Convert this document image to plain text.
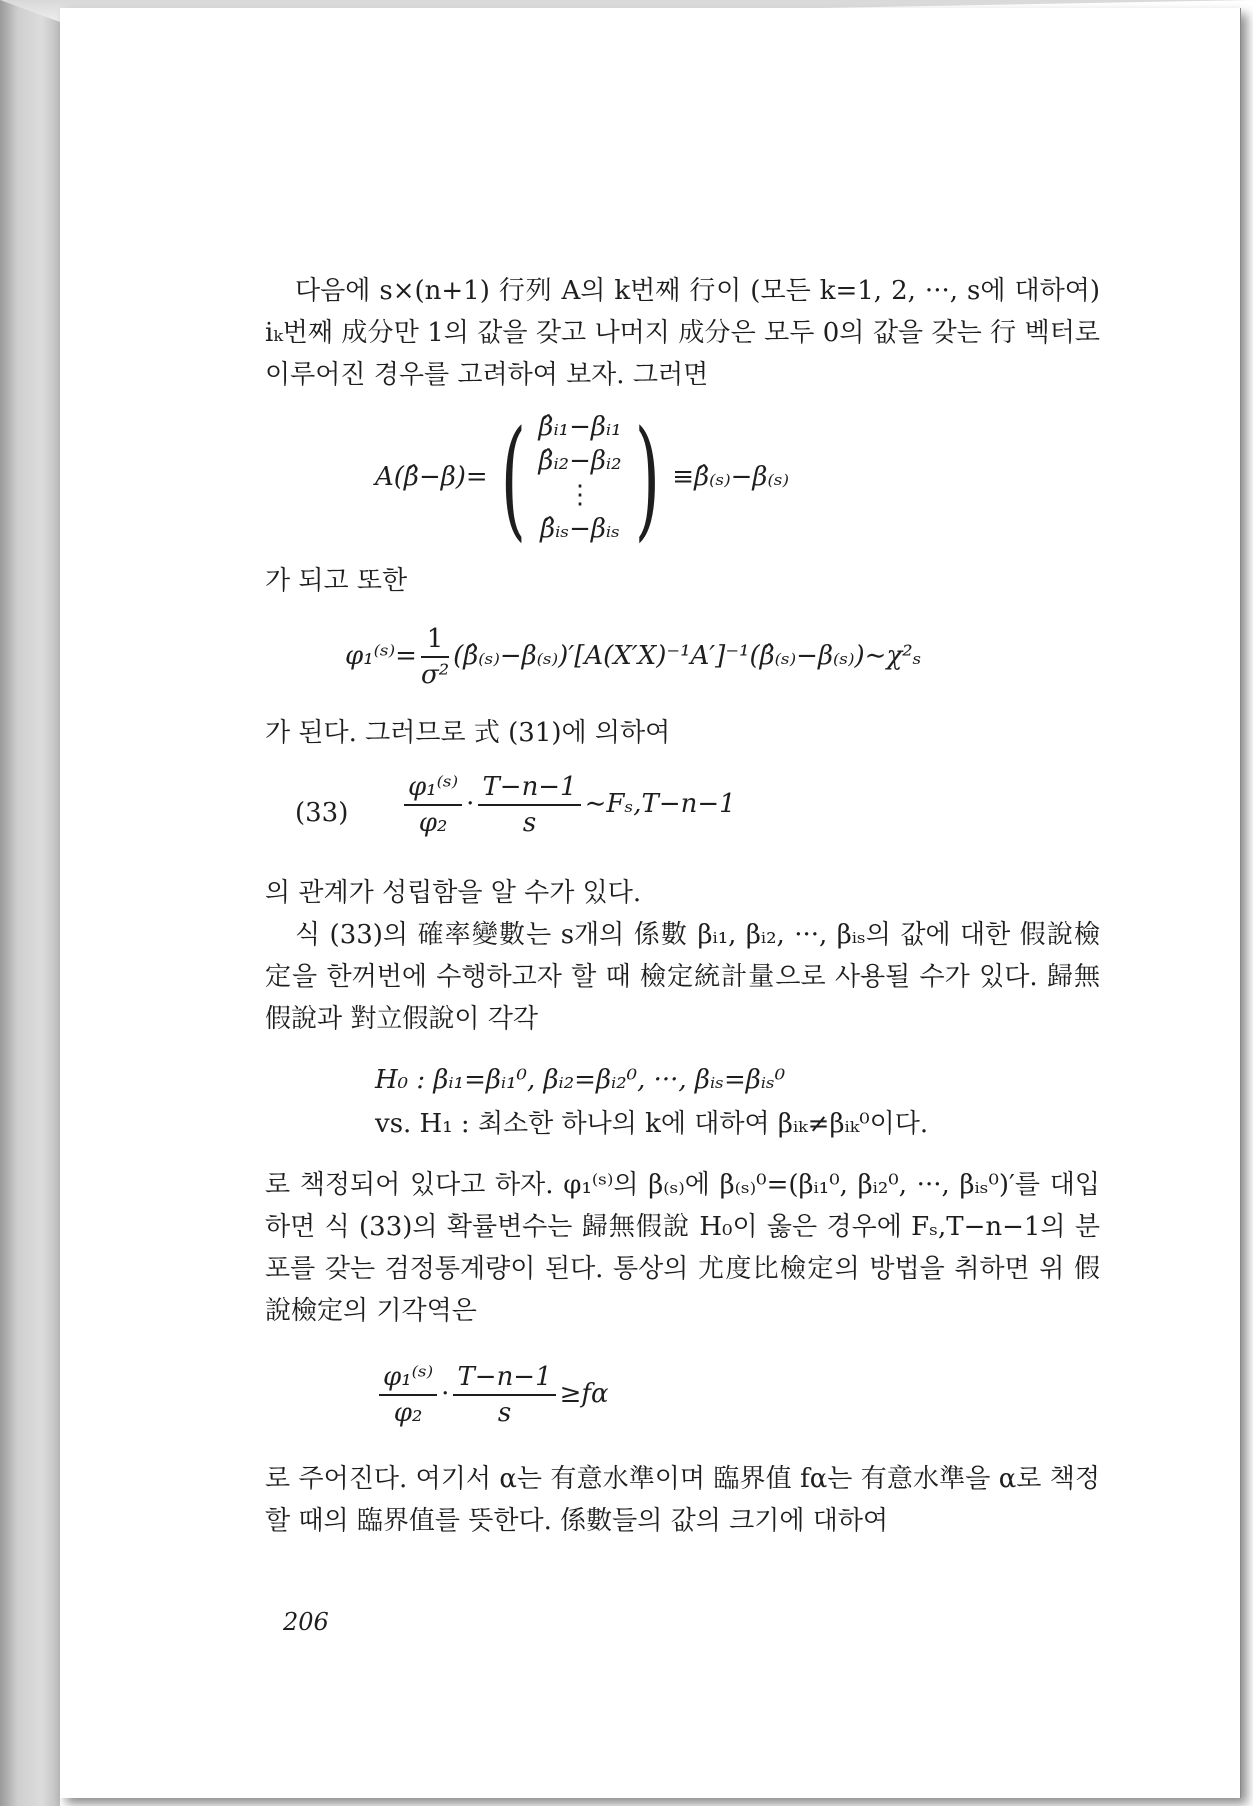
다음에 s×(n+1) 行列 A의 k번째 行이 (모든 k=1, 2, ···, s에 대하여) iₖ번째 成分만 1의 값을 갖고 나머지 成分은 모두 0의 값을 갖는 行 벡터로 이루어진 경우를 고려하여 보자. 그러면

A(β̂−β)= ( β̂ᵢ₁−βᵢ₁
β̂ᵢ₂−βᵢ₂
⋮
β̂ᵢₛ−βᵢₛ ) ≡β̂₍ₛ₎−β₍ₛ₎

가 되고 또한

φ₁⁽ˢ⁾= $\frac{1}{\text{σ²}}$ (β̂₍ₛ₎−β₍ₛ₎)′[A(X′X)⁻¹A′]⁻¹(β̂₍ₛ₎−β₍ₛ₎)∼χ²ₛ

가 된다. 그러므로 式 (31)에 의하여

$(33) \frac{\text{φ₁⁽ˢ⁾}}{\text{φ₂}} \cdot \frac{T-n-1}{s}$ ∼Fₛ,T−n−1

의 관계가 성립함을 알 수가 있다.

식 (33)의 確率變數는 s개의 係數 βᵢ₁, βᵢ₂, ···, βᵢₛ의 값에 대한 假說檢定을 한꺼번에 수행하고자 할 때 檢定統計量으로 사용될 수가 있다. 歸無假說과 對立假說이 각각

H₀ : βᵢ₁=βᵢ₁⁰, βᵢ₂=βᵢ₂⁰, ···, βᵢₛ=βᵢₛ⁰
vs. H₁ : 최소한 하나의 k에 대하여 βᵢₖ≠βᵢₖ⁰이다.

로 책정되어 있다고 하자. φ₁⁽ˢ⁾의 β₍ₛ₎에 β₍ₛ₎⁰=(βᵢ₁⁰, βᵢ₂⁰, ···, βᵢₛ⁰)′를 대입하면 식 (33)의 확률변수는 歸無假說 H₀이 옳은 경우에 Fₛ,T−n−1의 분포를 갖는 검정통계량이 된다. 통상의 尤度比檢定의 방법을 취하면 위 假說檢定의 기각역은

$\frac{\text{φ₁⁽ˢ⁾}}{\text{φ₂}} \cdot \frac{T-n-1}{s} \ge f\alpha$

로 주어진다. 여기서 α는 有意水準이며 臨界值 fα는 有意水準을 α로 책정할 때의 臨界值를 뜻한다. 係數들의 값의 크기에 대하여

206
